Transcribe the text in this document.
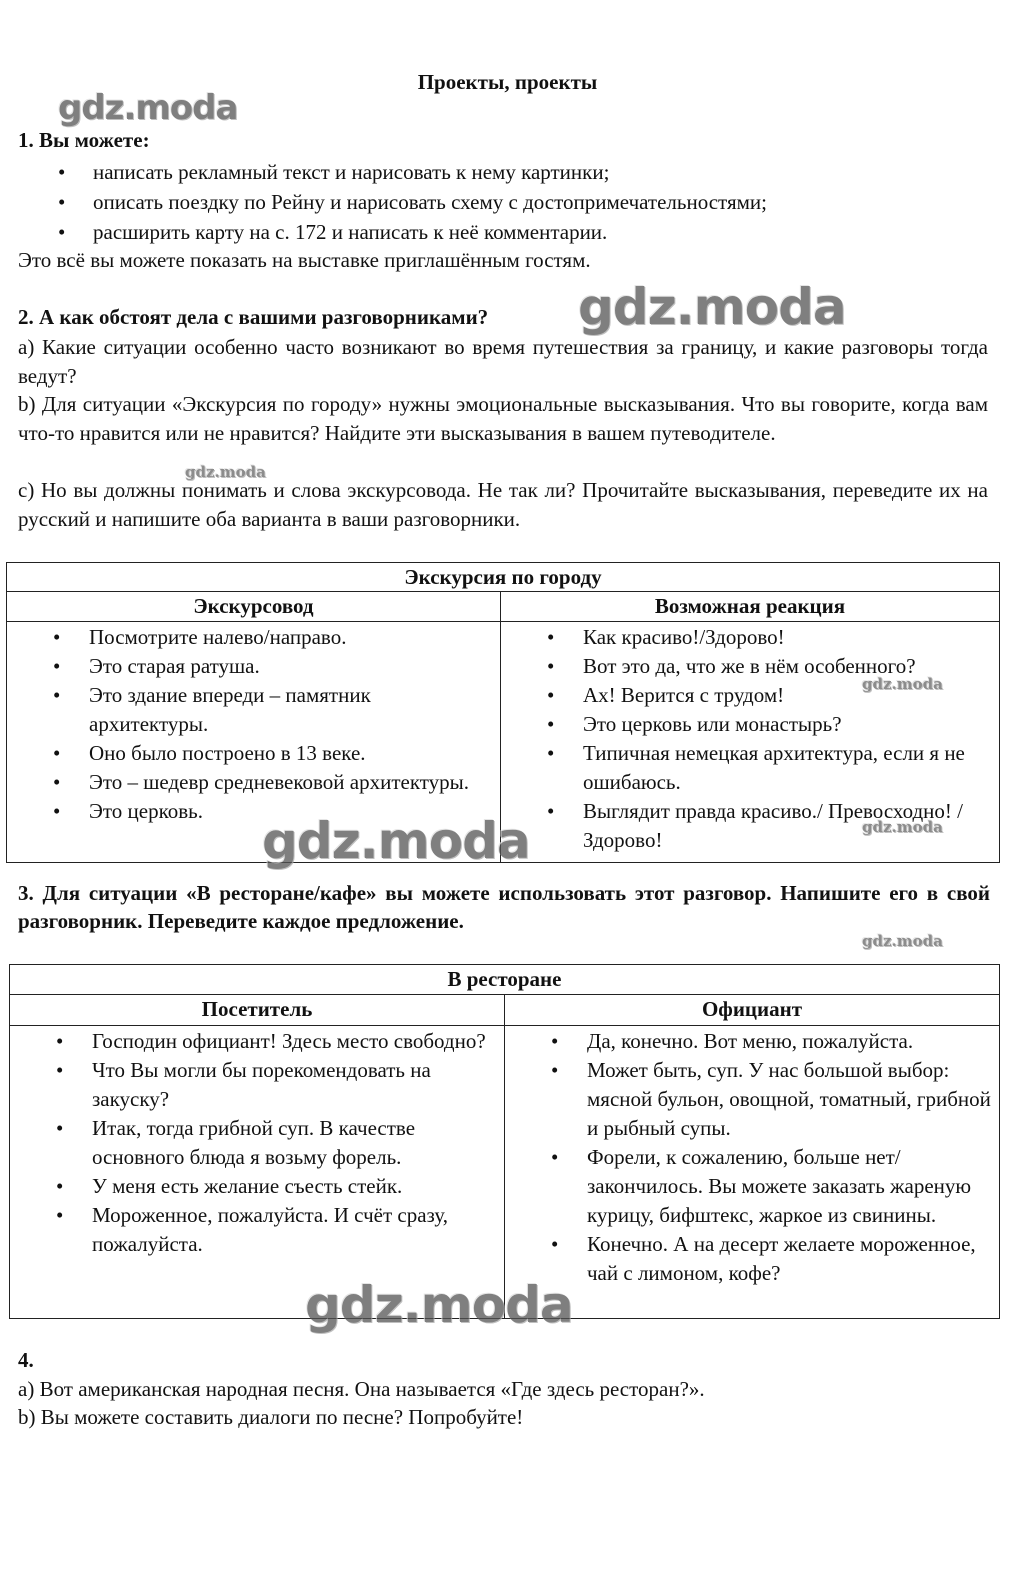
Проекты, проекты
1. Вы можете:
• написать рекламный текст и нарисовать к нему картинки;
• описать поездку по Рейну и нарисовать схему с достопримечательностями;
• расширить карту на с. 172 и написать к неё комментарии.
Это всё вы можете показать на выставке приглашённым гостям.
2. А как обстоят дела с вашими разговорниками?
a) Какие ситуации особенно часто возникают во время путешествия за границу, и какие разговоры тогда ведут?
b) Для ситуации «Экскурсия по городу» нужны эмоциональные высказывания. Что вы говорите, когда вам что-то нравится или не нравится? Найдите эти высказывания в вашем путеводителе.
c) Но вы должны понимать и слова экскурсовода. Не так ли? Прочитайте высказывания, переведите их на русский и напишите оба варианта в ваши разговорники.
Экскурсия по городу
Экскурсовод	Возможная реакция
• Посмотрите налево/направо.
• Это старая ратуша.
• Это здание впереди – памятник архитектуры.
• Оно было построено в 13 веке.
• Это – шедевр средневековой архитектуры.
• Это церковь.
• Как красиво!/Здорово!
• Вот это да, что же в нём особенного?
• Ах! Верится с трудом!
• Это церковь или монастырь?
• Типичная немецкая архитектура, если я не ошибаюсь.
• Выглядит правда красиво./ Превосходно! /Здорово!
3. Для ситуации «В ресторане/кафе» вы можете использовать этот разговор. Напишите его в свой разговорник. Переведите каждое предложение.
В ресторане
Посетитель	Официант
• Господин официант! Здесь место свободно?
• Что Вы могли бы порекомендовать на закуску?
• Итак, тогда грибной суп. В качестве основного блюда я возьму форель.
• У меня есть желание съесть стейк.
• Мороженное, пожалуйста. И счёт сразу, пожалуйста.
• Да, конечно. Вот меню, пожалуйста.
• Может быть, суп. У нас большой выбор: мясной бульон, овощной, томатный, грибной и рыбный супы.
• Форели, к сожалению, больше нет/закончилось. Вы можете заказать жареную курицу, бифштекс, жаркое из свинины.
• Конечно. А на десерт желаете мороженное, чай с лимоном, кофе?
4.
a) Вот американская народная песня. Она называется «Где здесь ресторан?».
b) Вы можете составить диалоги по песне? Попробуйте!
gdz.moda
gdz.moda
gdz.moda
gdz.moda
gdz.moda
gdz.moda
gdz.moda
gdz.moda
